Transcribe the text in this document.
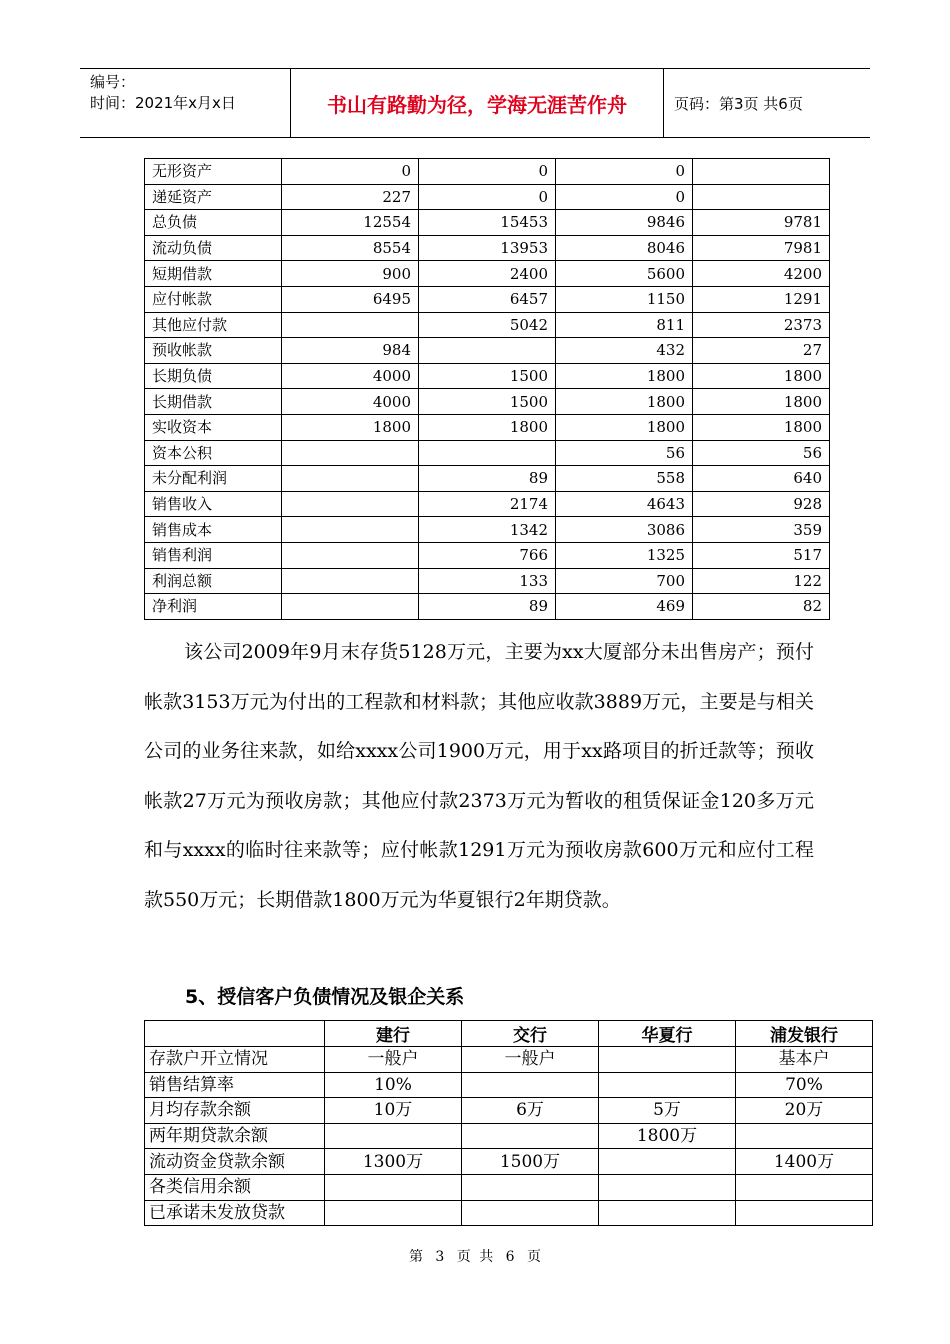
编号：
时间：2021年x月x日	书山有路勤为径，学海无涯苦作舟	页码：第3页 共6页
无形资产	0	0	0	
递延资产	227	0	0	
总负债	12554	15453	9846	9781
流动负债	8554	13953	8046	7981
短期借款	900	2400	5600	4200
应付帐款	6495	6457	1150	1291
其他应付款		5042	811	2373
预收帐款	984		432	27
长期负债	4000	1500	1800	1800
长期借款	4000	1500	1800	1800
实收资本	1800	1800	1800	1800
资本公积			56	56
未分配利润		89	558	640
销售收入		2174	4643	928
销售成本		1342	3086	359
销售利润		766	1325	517
利润总额		133	700	122
净利润		89	469	82

该公司2009年9月末存货5128万元，主要为xx大厦部分未出售房产；预付帐款3153万元为付出的工程款和材料款；其他应收款3889万元，主要是与相关公司的业务往来款，如给xxxx公司1900万元，用于xx路项目的折迁款等；预收帐款27万元为预收房款；其他应付款2373万元为暂收的租赁保证金120多万元和与xxxx的临时往来款等；应付帐款1291万元为预收房款600万元和应付工程款550万元；长期借款1800万元为华夏银行2年期贷款。

5、授信客户负债情况及银企关系
	建行	交行	华夏行	浦发银行
存款户开立情况	一般户	一般户		基本户
销售结算率	10%			70%
月均存款余额	10万	6万	5万	20万
两年期贷款余额			1800万	
流动资金贷款余额	1300万	1500万		1400万
各类信用余额				
已承诺未发放贷款				
第 3 页 共 6 页
